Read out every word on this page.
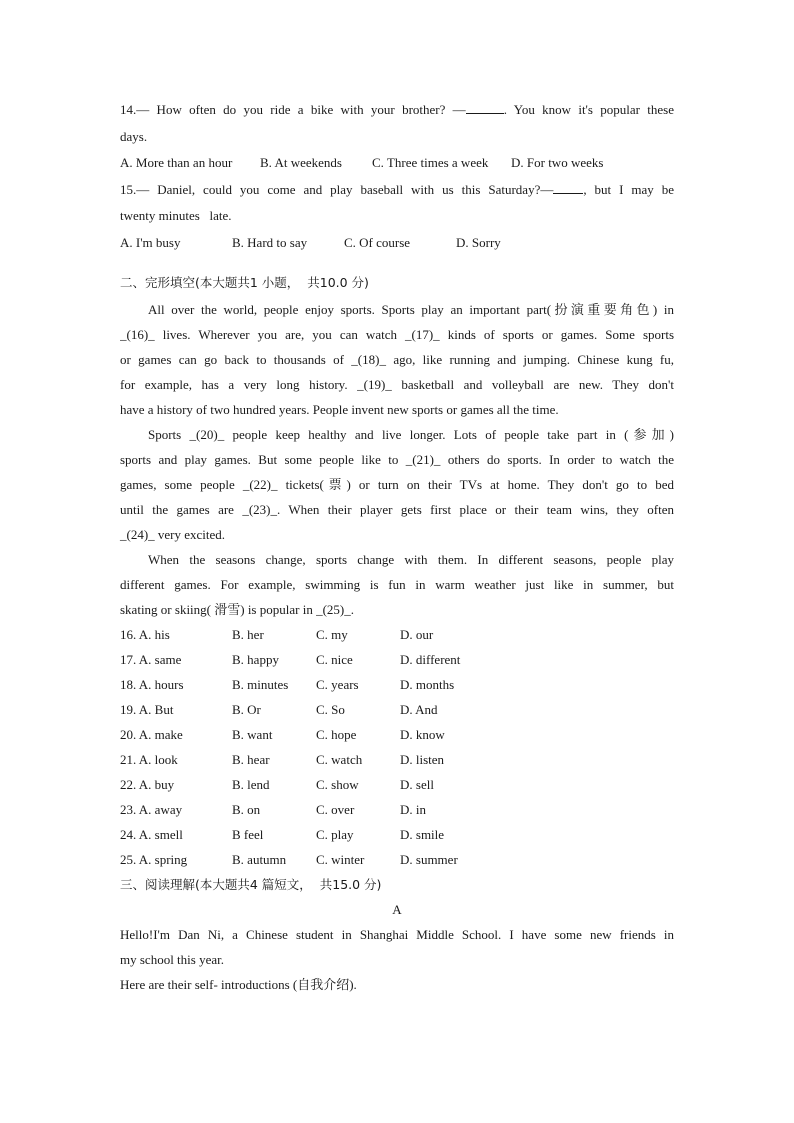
14.— How often do you ride a bike with your brother? —	. You know it's popular these
days.
A. More than an hour B. At weekends C. Three times a week D. For two weeks
15.— Daniel, could you come and play baseball with us this Saturday?— , but I may be
twenty minutes   late.
A. I'm busy	B. Hard to say	C. Of course	D. Sorry
二、完形填空(本大题共1 小题，  共10.0 分)
All over the world, people enjoy sports. Sports play an important part(扮演重要角色) in
_(16)_ lives. Wherever you are, you can watch _(17)_ kinds of sports or games. Some sports
or games can go back to thousands of _(18)_ ago, like running and jumping. Chinese kung fu,
for example, has a very long history. _(19)_ basketball and volleyball are new. They don't
have a history of two hundred years. People invent new sports or games all the time.
Sports _(20)_ people keep healthy and live longer. Lots of people take part in (参加)
sports and play games. But some people like to _(21)_ others do sports. In order to watch the
games, some people _(22)_ tickets(票) or turn on their TVs at home. They don't go to bed
until the games are _(23)_. When their player gets first place or their team wins, they often
_(24)_ very excited.
When the seasons change, sports change with them. In different seasons, people play
different games. For example, swimming is fun in warm weather just like in summer, but
skating or skiing( 滑雪) is popular in _(25)_.
16. A. his	B. her	C. my	D. our
17. A. same	B. happy	C. nice	D. different
18. A. hours	B. minutes C. years	D. months
19. A. But	B. Or	C. So	D. And
20. A. make	B. want	C. hope	D. know
21. A. look	B. hear	C. watch	D. listen
22. A. buy	B. lend	C. show	D. sell
23. A. away	B. on	C. over	D. in
24. A. smell	B feel	C. play	D. smile
25. A. spring	B. autumn C. winter	D. summer
三、阅读理解(本大题共4 篇短文，  共15.0 分)
A
Hello!I'm Dan Ni, a Chinese student in Shanghai Middle School. I have some new friends in
my school this year.
Here are their self- introductions (自我介绍).
